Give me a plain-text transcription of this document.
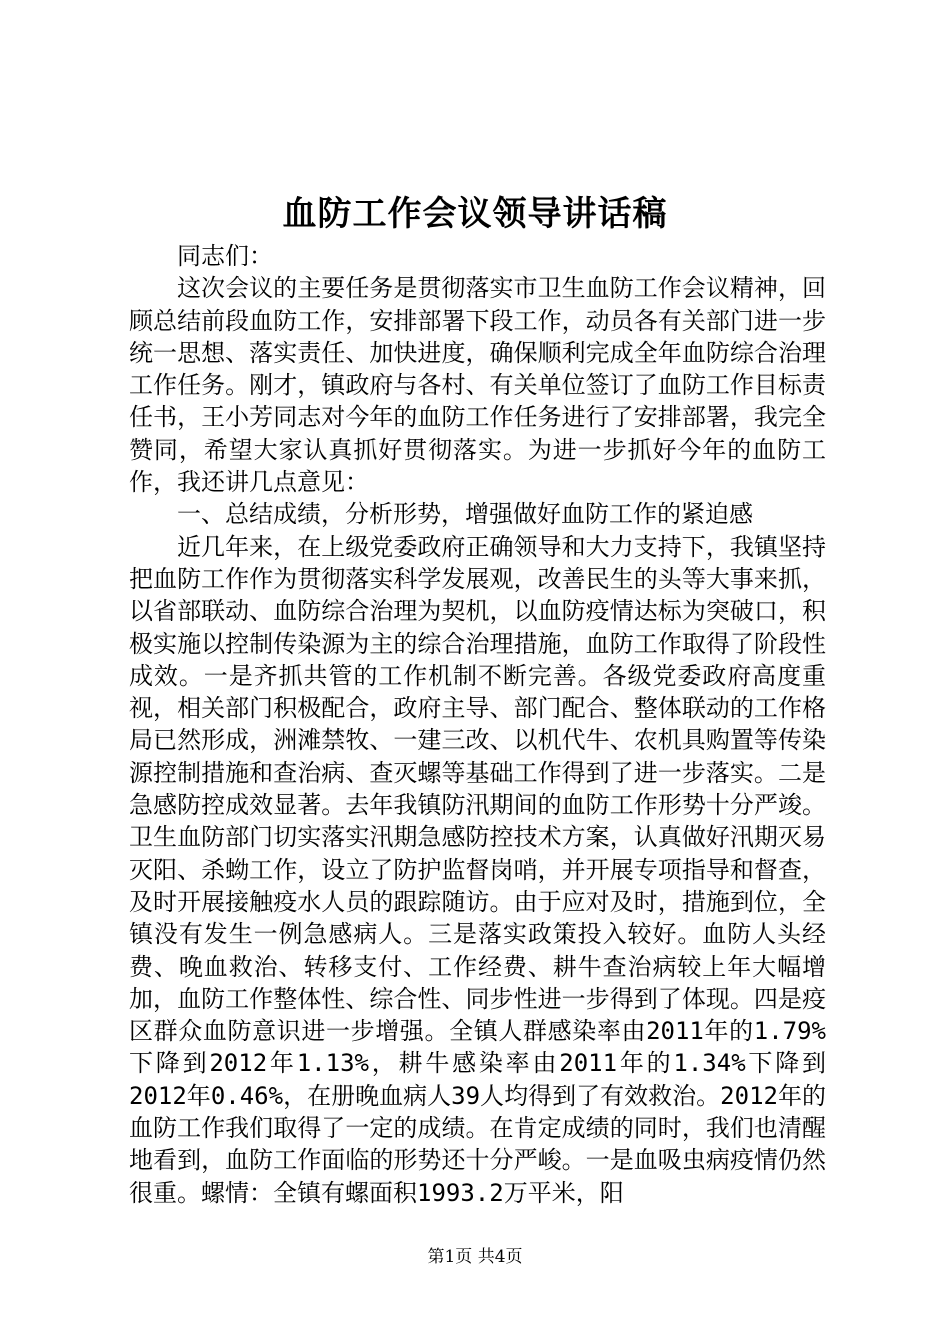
血防工作会议领导讲话稿

同志们：

这次会议的主要任务是贯彻落实市卫生血防工作会议精神，回顾总结前段血防工作，安排部署下段工作，动员各有关部门进一步统一思想、落实责任、加快进度，确保顺利完成全年血防综合治理工作任务。刚才，镇政府与各村、有关单位签订了血防工作目标责任书，王小芳同志对今年的血防工作任务进行了安排部署，我完全赞同，希望大家认真抓好贯彻落实。为进一步抓好今年的血防工作，我还讲几点意见：

一、总结成绩，分析形势，增强做好血防工作的紧迫感

近几年来，在上级党委政府正确领导和大力支持下，我镇坚持把血防工作作为贯彻落实科学发展观，改善民生的头等大事来抓，以省部联动、血防综合治理为契机，以血防疫情达标为突破口，积极实施以控制传染源为主的综合治理措施，血防工作取得了阶段性成效。一是齐抓共管的工作机制不断完善。各级党委政府高度重视，相关部门积极配合，政府主导、部门配合、整体联动的工作格局已然形成，洲滩禁牧、一建三改、以机代牛、农机具购置等传染源控制措施和查治病、查灭螺等基础工作得到了进一步落实。二是急感防控成效显著。去年我镇防汛期间的血防工作形势十分严竣。卫生血防部门切实落实汛期急感防控技术方案，认真做好汛期灭易灭阳、杀蚴工作，设立了防护监督岗哨，并开展专项指导和督查，及时开展接触疫水人员的跟踪随访。由于应对及时，措施到位，全镇没有发生一例急感病人。三是落实政策投入较好。血防人头经费、晚血救治、转移支付、工作经费、耕牛查治病较上年大幅增加，血防工作整体性、综合性、同步性进一步得到了体现。四是疫区群众血防意识进一步增强。全镇人群感染率由2011年的1.79%下降到2012年1.13%，耕牛感染率由2011年的1.34%下降到2012年0.46%，在册晚血病人39人均得到了有效救治。2012年的血防工作我们取得了一定的成绩。在肯定成绩的同时，我们也清醒地看到，血防工作面临的形势还十分严峻。一是血吸虫病疫情仍然很重。螺情：全镇有螺面积1993.2万平米，阳

第1页 共4页
